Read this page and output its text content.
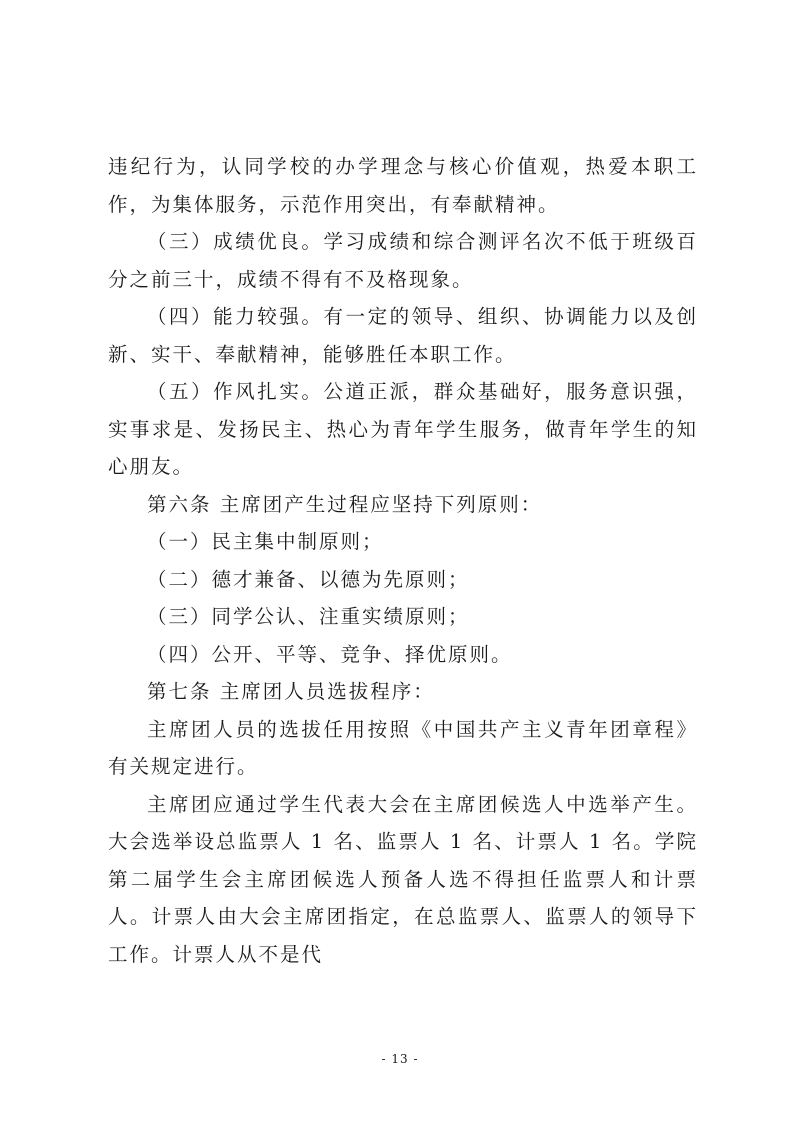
违纪行为，认同学校的办学理念与核心价值观，热爱本职工作，为集体服务，示范作用突出，有奉献精神。

（三）成绩优良。学习成绩和综合测评名次不低于班级百分之前三十，成绩不得有不及格现象。

（四）能力较强。有一定的领导、组织、协调能力以及创新、实干、奉献精神，能够胜任本职工作。

（五）作风扎实。公道正派，群众基础好，服务意识强，实事求是、发扬民主、热心为青年学生服务，做青年学生的知心朋友。

第六条 主席团产生过程应坚持下列原则：

（一）民主集中制原则；

（二）德才兼备、以德为先原则；

（三）同学公认、注重实绩原则；

（四）公开、平等、竞争、择优原则。

第七条 主席团人员选拔程序：

主席团人员的选拔任用按照《中国共产主义青年团章程》有关规定进行。

主席团应通过学生代表大会在主席团候选人中选举产生。大会选举设总监票人 1 名、监票人 1 名、计票人 1 名。学院第二届学生会主席团候选人预备人选不得担任监票人和计票人。计票人由大会主席团指定，在总监票人、监票人的领导下工作。计票人从不是代

- 13 -
